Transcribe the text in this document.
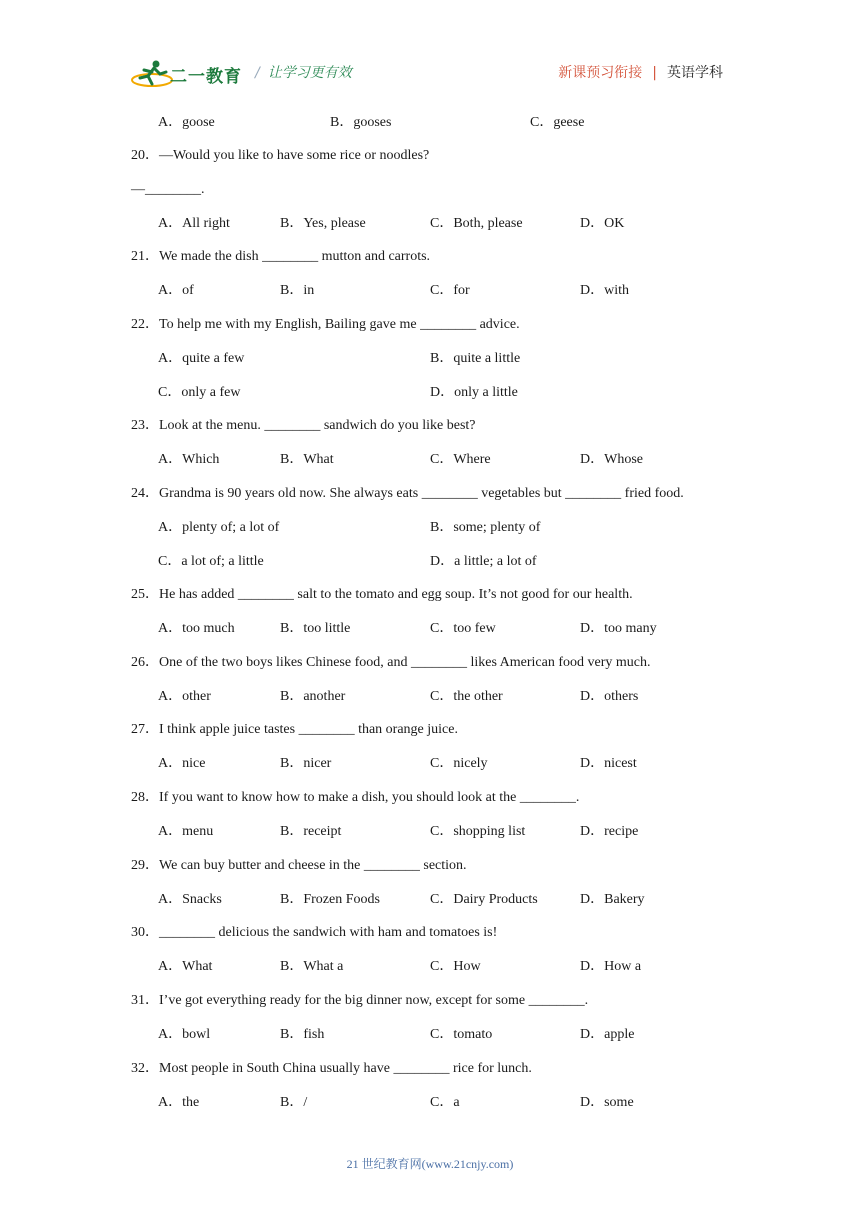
二一教育 / 让学习更有效	新课预习衔接 | 英语学科
A．goose	B．gooses	C．geese
20．—Would you like to have some rice or noodles?
—________.
A．All right	B．Yes, please	C．Both, please	D．OK
21．We made the dish ________ mutton and carrots.
A．of	B．in	C．for	D．with
22．To help me with my English, Bailing gave me ________ advice.
A．quite a few	B．quite a little
C．only a few	D．only a little
23．Look at the menu. ________ sandwich do you like best?
A．Which	B．What	C．Where	D．Whose
24．Grandma is 90 years old now. She always eats ________ vegetables but ________ fried food.
A．plenty of; a lot of	B．some; plenty of
C．a lot of; a little	D．a little; a lot of
25．He has added ________ salt to the tomato and egg soup. It’s not good for our health.
A．too much	B．too little	C．too few	D．too many
26．One of the two boys likes Chinese food, and ________ likes American food very much.
A．other	B．another	C．the other	D．others
27．I think apple juice tastes ________ than orange juice.
A．nice	B．nicer	C．nicely	D．nicest
28．If you want to know how to make a dish, you should look at the ________.
A．menu	B．receipt	C．shopping list	D．recipe
29．We can buy butter and cheese in the ________ section.
A．Snacks	B．Frozen Foods	C．Dairy Products	D．Bakery
30．________ delicious the sandwich with ham and tomatoes is!
A．What	B．What a	C．How	D．How a
31．I’ve got everything ready for the big dinner now, except for some ________.
A．bowl	B．fish	C．tomato	D．apple
32．Most people in South China usually have ________ rice for lunch.
A．the	B．/	C．a	D．some
21 世纪教育网(www.21cnjy.com)
